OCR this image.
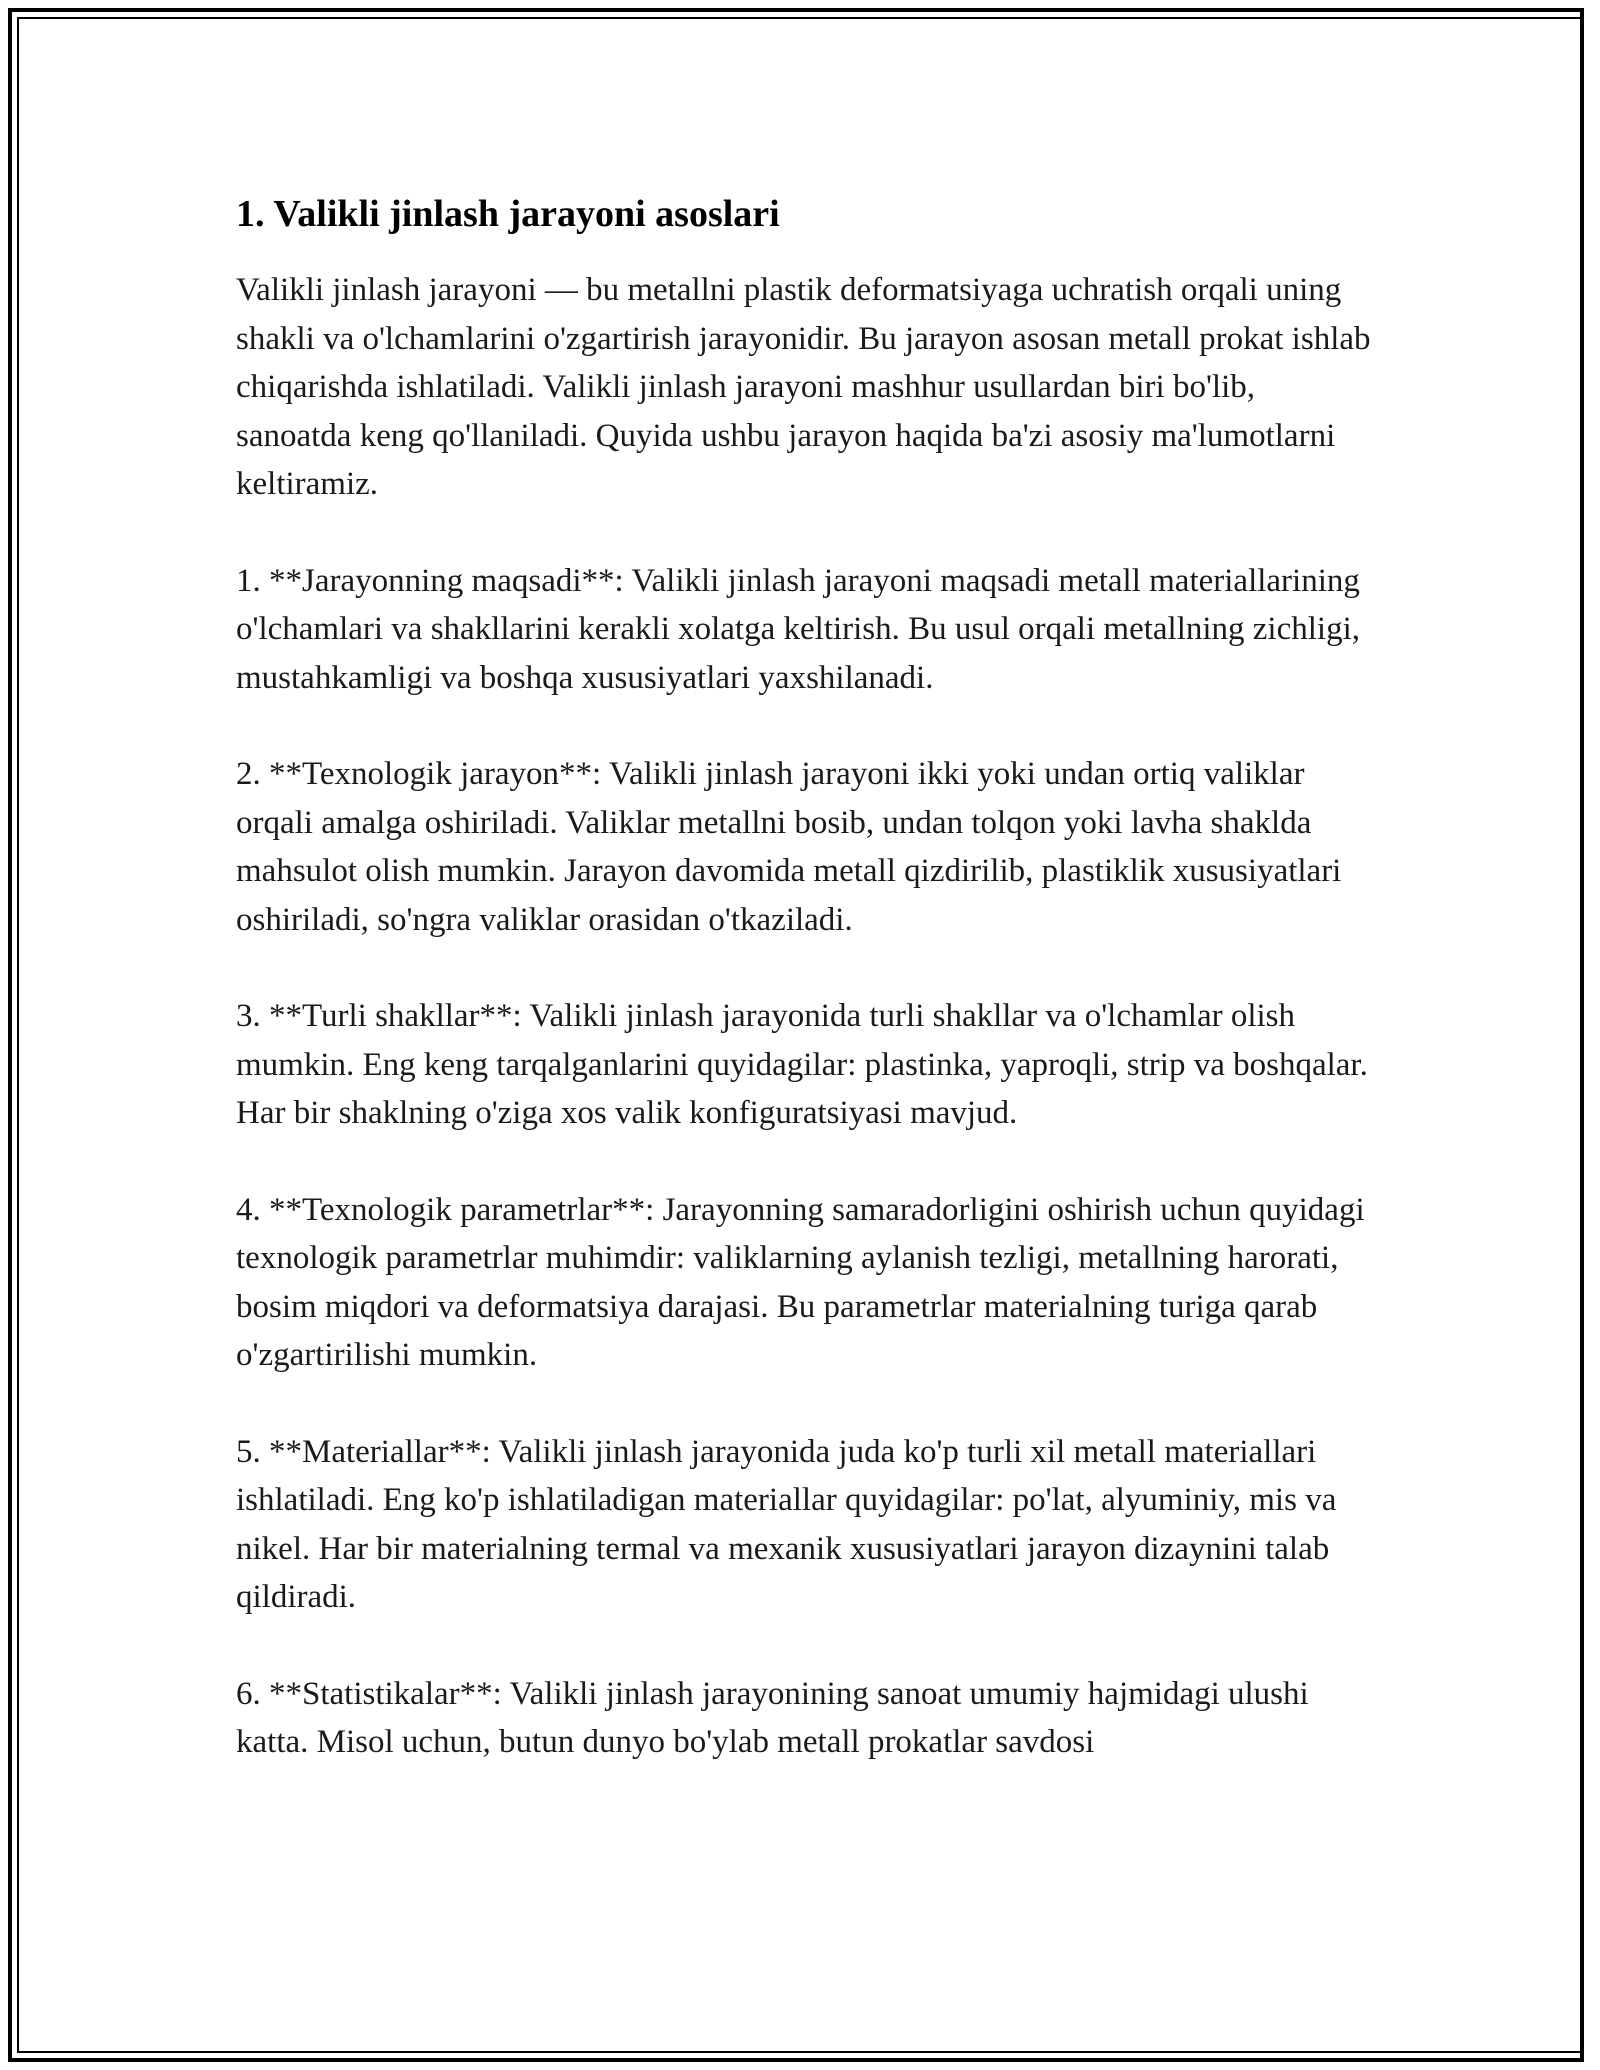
1. Valikli jinlash jarayoni asoslari

Valikli jinlash jarayoni — bu metallni plastik deformatsiyaga uchratish orqali uning shakli va o'lchamlarini o'zgartirish jarayonidir. Bu jarayon asosan metall prokat ishlab chiqarishda ishlatiladi. Valikli jinlash jarayoni mashhur usullardan biri bo'lib, sanoatda keng qo'llaniladi. Quyida ushbu jarayon haqida ba'zi asosiy ma'lumotlarni keltiramiz.

1. **Jarayonning maqsadi**: Valikli jinlash jarayoni maqsadi metall materiallarining o'lchamlari va shakllarini kerakli xolatga keltirish. Bu usul orqali metallning zichligi, mustahkamligi va boshqa xususiyatlari yaxshilanadi.

2. **Texnologik jarayon**: Valikli jinlash jarayoni ikki yoki undan ortiq valiklar orqali amalga oshiriladi. Valiklar metallni bosib, undan tolqon yoki lavha shakldа mahsulot olish mumkin. Jarayon davomida metall qizdirilib, plastiklik xususiyatlari oshiriladi, so'ngra valiklar orasidan o'tkaziladi.

3. **Turli shakllar**: Valikli jinlash jarayonida turli shakllar va o'lchamlar olish mumkin. Eng keng tarqalganlarini quyidagilar: plastinka, yaproqli, strip va boshqalar. Har bir shaklning o'ziga xos valik konfiguratsiyasi mavjud.

4. **Texnologik parametrlar**: Jarayonning samaradorligini oshirish uchun quyidagi texnologik parametrlar muhimdir: valiklarning aylanish tezligi, metallning harorati, bosim miqdori va deformatsiya darajasi. Bu parametrlar materialning turiga qarab o'zgartirilishi mumkin.

5. **Materiallar**: Valikli jinlash jarayonida juda ko'p turli xil metall materiallari ishlatiladi. Eng ko'p ishlatiladigan materiallar quyidagilar: po'lat, alyuminiy, mis va nikel. Har bir materialning termal va mexanik xususiyatlari jarayon dizaynini talab qildiradi.

6. **Statistikalar**: Valikli jinlash jarayonining sanoat umumiy hajmidagi ulushi katta. Misol uchun, butun dunyo bo'ylab metall prokatlar savdosi
